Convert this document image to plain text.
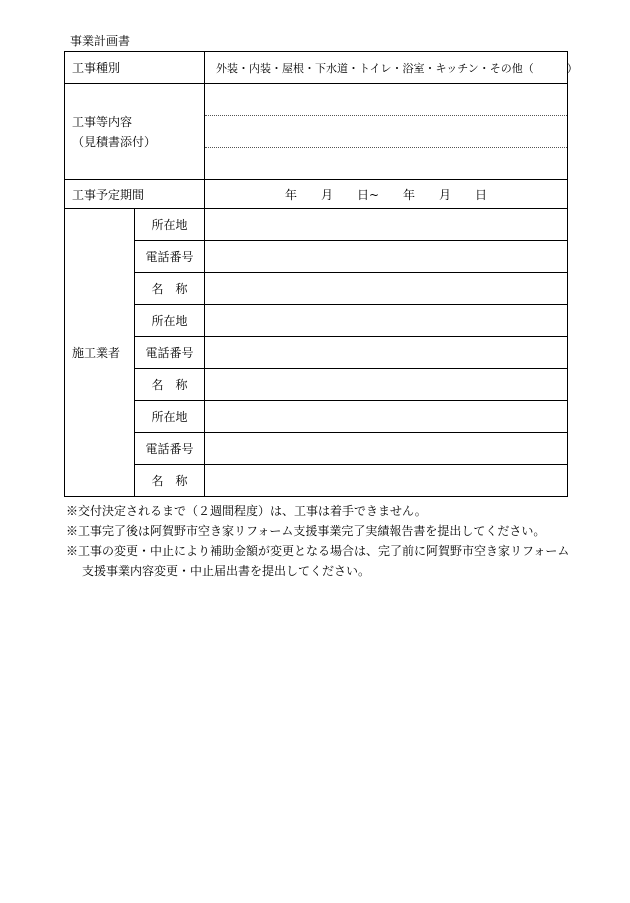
事業計画書
工事種別		外装・内装・屋根・下水道・トイレ・浴室・キッチン・その他（　　　）

工事等内容
（見積書添付）		

工事予定期間		年　　月　　日~　　年　　月　　日
施工業者	所在地	
	電話番号	
	名　称	
	所在地	
	電話番号	
	名　称	
	所在地	
	電話番号	
	名　称	
※交付決定されるまで（２週間程度）は、工事は着手できません。
※工事完了後は阿賀野市空き家リフォーム支援事業完了実績報告書を提出してください。
※工事の変更・中止により補助金額が変更となる場合は、完了前に阿賀野市空き家リフォーム
支援事業内容変更・中止届出書を提出してください。
